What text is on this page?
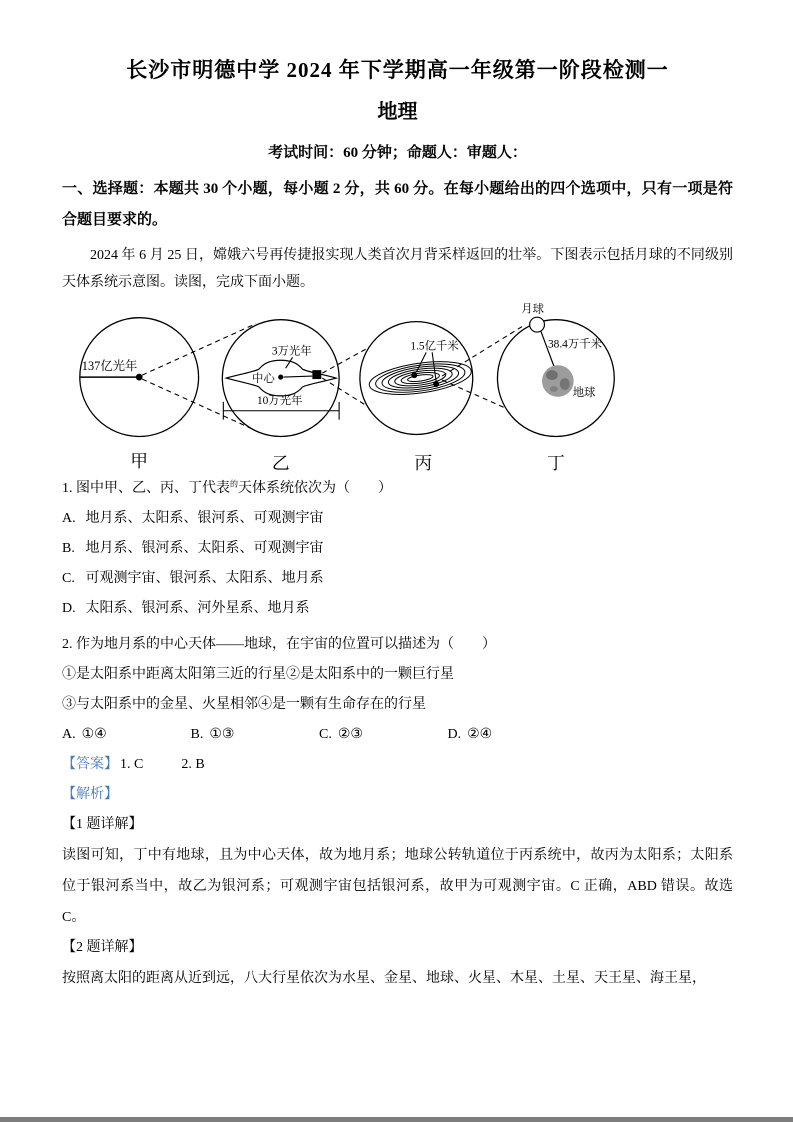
长沙市明德中学 2024 年下学期高一年级第一阶段检测一
地理
考试时间：60 分钟；命题人：审题人：
一、选择题：本题共 30 个小题，每小题 2 分，共 60 分。在每小题给出的四个选项中，只有一项是符合题目要求的。
2024 年 6 月 25 日，嫦娥六号再传捷报实现人类首次月背采样返回的壮举。下图表示包括月球的不同级别天体系统示意图。读图，完成下面小题。
137亿光年
甲
中心
3万光年
10万光年
乙
1.5亿千米
丙
月球
38.4万千米
地球
丁
1. 图中甲、乙、丙、丁代表$^的$天体系统依次为（　　）
A. 地月系、太阳系、银河系、可观测宇宙
B. 地月系、银河系、太阳系、可观测宇宙
C. 可观测宇宙、银河系、太阳系、地月系
D. 太阳系、银河系、河外星系、地月系
2. 作为地月系的中心天体——地球，在宇宙的位置可以描述为（　　）
①是太阳系中距离太阳第三近的行星②是太阳系中的一颗巨行星
③与太阳系中的金星、火星相邻④是一颗有生命存在的行星
A. ①④	B. ①③	C. ②③	D. ②④
【答案】 1. C	2. B
【解析】
【1 题详解】
读图可知，丁中有地球，且为中心天体，故为地月系；地球公转轨道位于丙系统中，故丙为太阳系；太阳系位于银河系当中，故乙为银河系；可观测宇宙包括银河系，故甲为可观测宇宙。C 正确，ABD 错误。故选 C。
【2 题详解】
按照离太阳的距离从近到远，八大行星依次为水星、金星、地球、火星、木星、土星、天王星、海王星，
